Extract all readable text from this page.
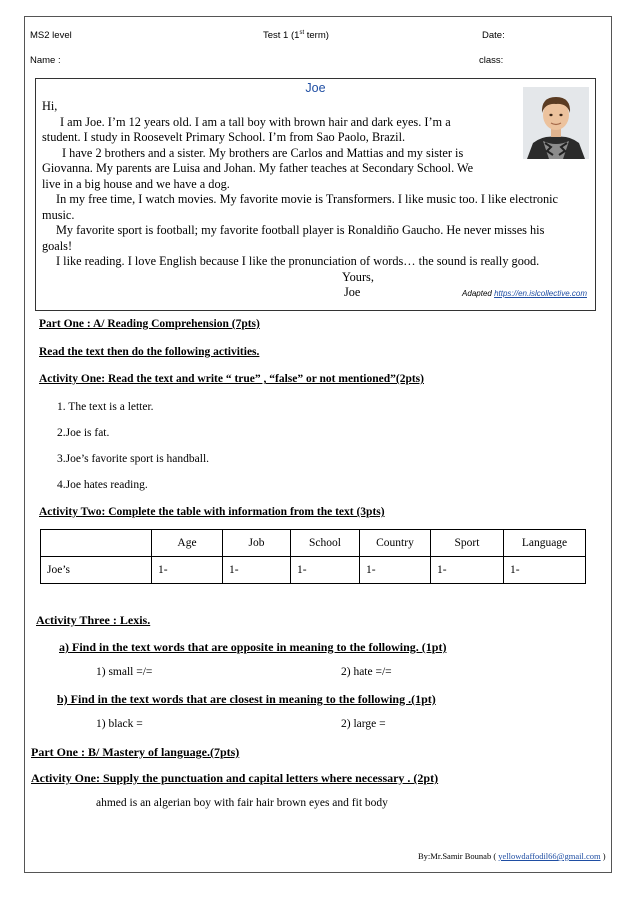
MS2 level	Test 1 (1st term)	Date:
Name :	class:
Joe

Hi,

I am Joe. I’m 12 years old. I am a tall boy with brown hair and dark eyes. I’m a

student. I study in Roosevelt Primary School. I’m from Sao Paolo, Brazil.

I have 2 brothers and a sister. My brothers are Carlos and Mattias and my sister is

Giovanna. My parents are Luisa and Johan. My father teaches at Secondary School. We

live in a big house and we have a dog.

In my free time, I watch movies. My favorite movie is Transformers. I like music too. I like electronic

music.

My favorite sport is football; my favorite football player is Ronaldiño Gaucho. He never misses his

goals!

I like reading. I love English because I like the pronunciation of words… the sound is really good.

Yours,

Joe	Adapted https://en.islcollective.com
Part One : A/ Reading Comprehension (7pts)
Read the text then do the following activities.
Activity One: Read the text and write “ true” , “false” or not mentioned”(2pts)
1. The text is a letter.
2.Joe is fat.
3.Joe’s favorite sport is handball.
4.Joe hates reading.
Activity Two: Complete the table with information from the text (3pts)
	Age	Job	School	Country	Sport	Language
Joe’s	1-	1-	1-	1-	1-	1-
Activity Three : Lexis.
a) Find in the text words that are opposite in meaning to the following. (1pt)
1) small =/=	2) hate =/=
b) Find in the text words that are closest in meaning to the following .(1pt)
1) black =	2) large =
Part One : B/ Mastery of language.(7pts)
Activity One: Supply the punctuation and capital letters where necessary . (2pt)
ahmed is an algerian boy with fair hair brown eyes and fit body
By:Mr.Samir Bounab ( yellowdaffodil66@gmail.com )
